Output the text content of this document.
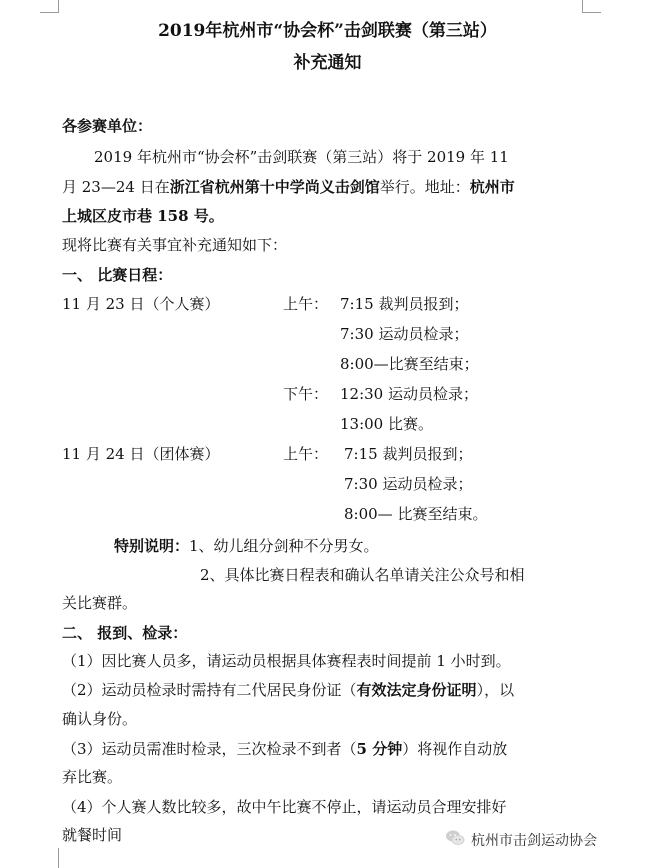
2019年杭州市“协会杯”击剑联赛（第三站）
补充通知
各参赛单位：
2019 年杭州市“协会杯”击剑联赛（第三站）将于 2019 年 11
月 23—24 日在浙江省杭州第十中学尚义击剑馆举行。地址：杭州市
上城区皮市巷 158 号。
现将比赛有关事宜补充通知如下：
一、 比赛日程：
11 月 23 日（个人赛）	上午： 7:15 裁判员报到；
7:30 运动员检录；
8:00—比赛至结束；
下午： 12:30 运动员检录；
13:00 比赛。
11 月 24 日（团体赛）	上午： 7:15 裁判员报到；
7:30 运动员检录；
8:00— 比赛至结束。
特别说明：1、幼儿组分剑种不分男女。
2、具体比赛日程表和确认名单请关注公众号和相
关比赛群。
二、 报到、检录：
（1）因比赛人员多，请运动员根据具体赛程表时间提前 1 小时到。
（2）运动员检录时需持有二代居民身份证（有效法定身份证明），以
确认身份。
（3）运动员需准时检录，三次检录不到者（5 分钟）将视作自动放
弃比赛。
（4）个人赛人数比较多，故中午比赛不停止，请运动员合理安排好
就餐时间	杭州市击剑运动协会
